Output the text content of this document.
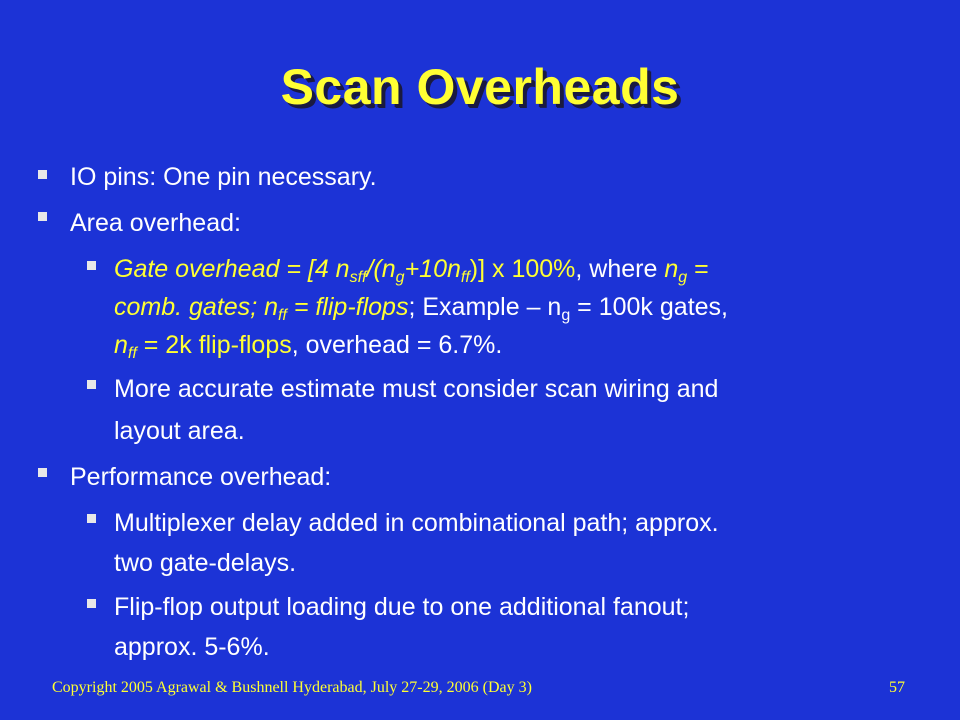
Scan Overheads
IO pins: One pin necessary.
Area overhead:
Gate overhead = [4 $n_{sff}/(n_g+10n_{ff})$] x 100%, where $n_g$ =
comb. gates; $n_{ff}$ = flip-flops; Example – $n_g = 100k$ gates,
$n_{ff} = 2k$ flip-flops, overhead = 6.7%.
More accurate estimate must consider scan wiring and
layout area.
Performance overhead:
Multiplexer delay added in combinational path; approx.
two gate-delays.
Flip-flop output loading due to one additional fanout;
approx. 5-6%.
Copyright 2005 Agrawal & Bushnell Hyderabad, July 27-29, 2006 (Day 3)	57
